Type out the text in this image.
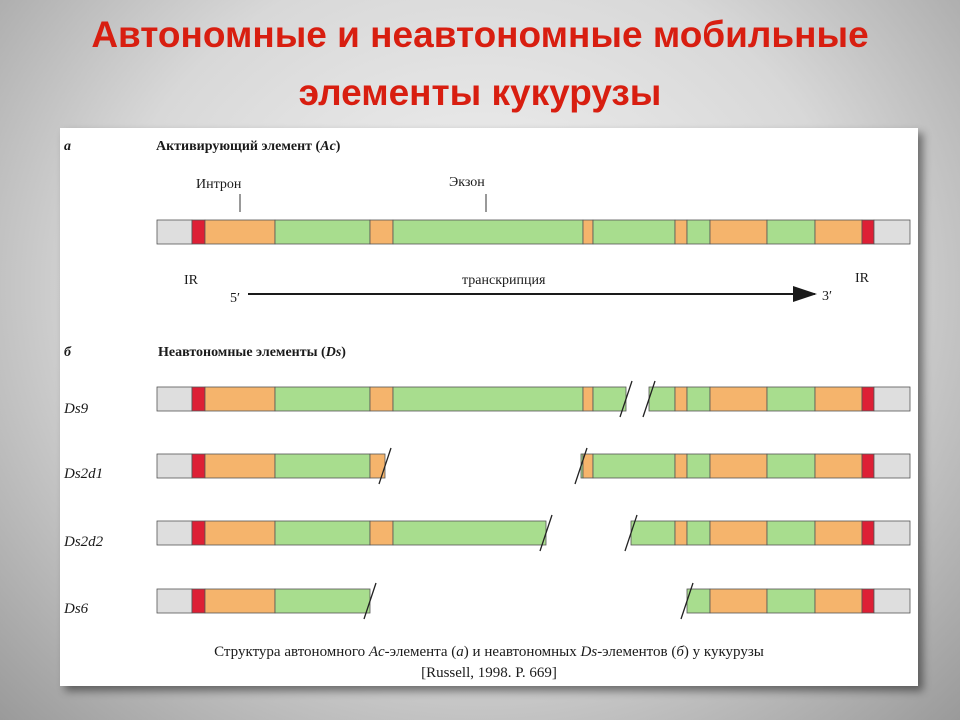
Автономные и неавтономные мобильные
элементы кукурузы
а	Активирующий элемент (Ac)
Интрон	Экзон
IR	IR
транскрипция
5′	3′
б	Неавтономные элементы (Ds)
Ds9
Ds2d1
Ds2d2
Ds6
Структура автономного Ac-элемента (а) и неавтономных Ds-элементов (б) у кукурузы
[Russell, 1998. P. 669]
